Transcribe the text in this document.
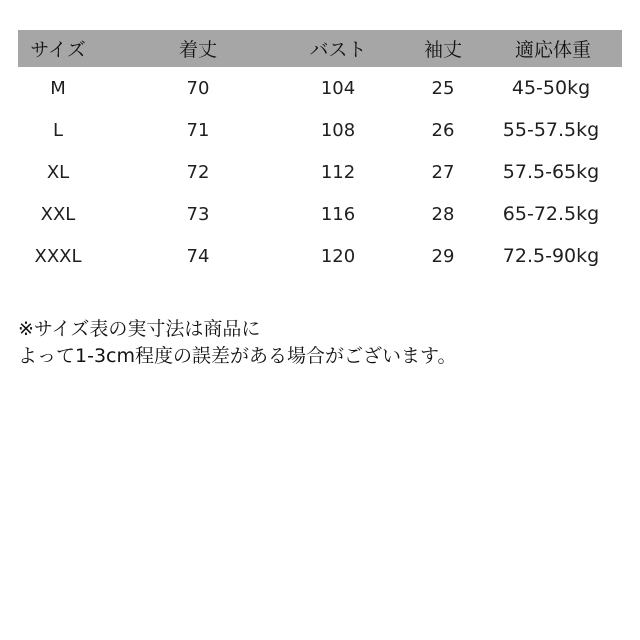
サイズ	着丈	バスト	袖丈	適応体重
M	70	104	25	45-50kg
L	71	108	26	55-57.5kg
XL	72	112	27	57.5-65kg
XXL	73	116	28	65-72.5kg
XXXL	74	120	29	72.5-90kg
※サイズ表の実寸法は商品に
よって1-3cm程度の誤差がある場合がございます。
